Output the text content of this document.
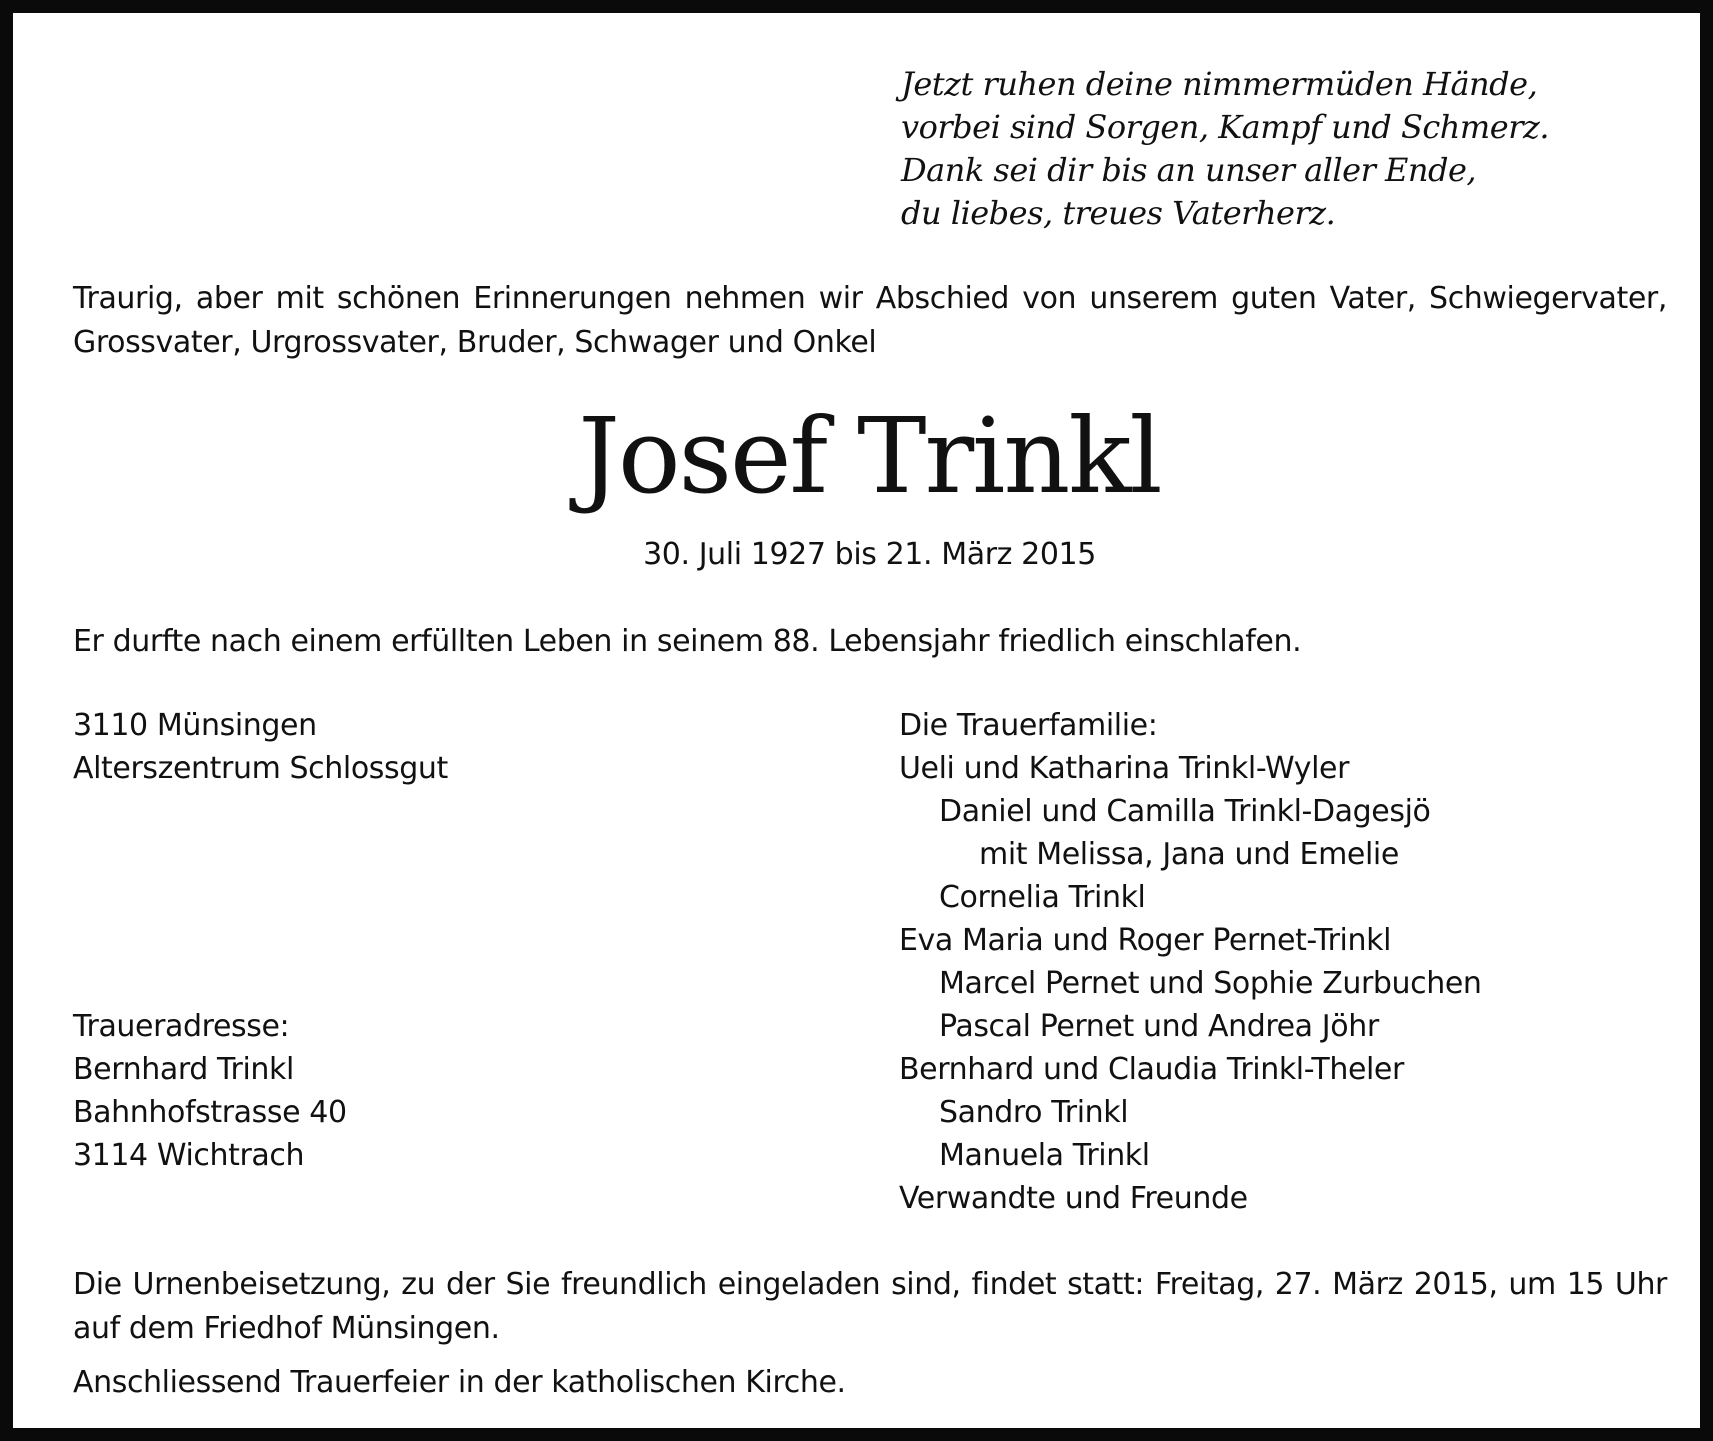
Jetzt ruhen deine nimmermüden Hände,
vorbei sind Sorgen, Kampf und Schmerz.
Dank sei dir bis an unser aller Ende,
du liebes, treues Vaterherz.
Traurig, aber mit schönen Erinnerungen nehmen wir Abschied von unserem guten Vater, Schwiegervater,
Grossvater, Urgrossvater, Bruder, Schwager und Onkel
Josef Trinkl
30. Juli 1927 bis 21. März 2015
Er durfte nach einem erfüllten Leben in seinem 88. Lebensjahr friedlich einschlafen.
3110 Münsingen
Alterszentrum Schlossgut
Traueradresse:
Bernhard Trinkl
Bahnhofstrasse 40
3114 Wichtrach
Die Trauerfamilie:
Ueli und Katharina Trinkl-Wyler
Daniel und Camilla Trinkl-Dagesjö
mit Melissa, Jana und Emelie
Cornelia Trinkl
Eva Maria und Roger Pernet-Trinkl
Marcel Pernet und Sophie Zurbuchen
Pascal Pernet und Andrea Jöhr
Bernhard und Claudia Trinkl-Theler
Sandro Trinkl
Manuela Trinkl
Verwandte und Freunde
Die Urnenbeisetzung, zu der Sie freundlich eingeladen sind, findet statt: Freitag, 27. März 2015, um 15 Uhr
auf dem Friedhof Münsingen.
Anschliessend Trauerfeier in der katholischen Kirche.
